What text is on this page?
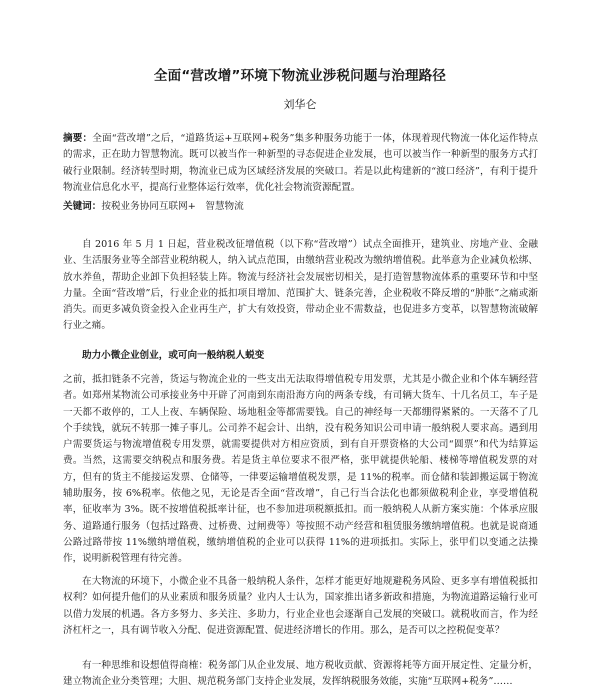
全面“营改增”环境下物流业涉税问题与治理路径
刘华仑

摘要：全面“营改增”之后，“道路货运+互联网+税务”集多种服务功能于一体，体现着现代物流一体化运作特点的需求，正在助力智慧物流。既可以被当作一种新型的寻态促进企业发展，也可以被当作一种新型的服务方式打破行业限制。经济转型时期，物流业已成为区域经济发展的突破口。若是以此构建新的“渡口经济”，有利于提升物流业信息化水平，提高行业整体运行效率，优化社会物流资源配置。

关键词：按税业务协同互联网+　智慧物流

自 2016 年 5 月 1 日起，营业税改征增值税（以下称“营改增”）试点全面推开，建筑业、房地产业、金融业、生活服务业等全部营业税纳税人，纳入试点范围，由缴纳营业税改为缴纳增值税。此举意为企业减负松绑、放水养鱼，帮助企业卸下负担轻装上阵。物流与经济社会发展密切相关，是打造智慧物流体系的重要环节和中坚力量。全面“营改增”后，行业企业的抵扣项目增加、范围扩大、链条完善，企业税收不降反增的“肿胀”之痛或渐消失。而更多减负资金投入企业再生产，扩大有效投资，带动企业不需数益，也促进多方变革，以智慧物流破解行业之痛。

助力小微企业创业，或可向一般纳税人蜕变

之前，抵扣链条不完善，货运与物流企业的一些支出无法取得增值税专用发票，尤其是小微企业和个体车辆经营者。如郑州某物流公司承接业务中开辟了河南到东南沿海方向的两条专线，有司辆大货车、十几名员工，车子是一天都不敢停的，工人上夜、车辆保险、场地租金等都需要钱。自己的神经每一天都绷得紧紧的。一天落不了几个手续钱，就玩不转那一摊子事儿。公司养不起会计、出纳，没有税务知识公司申请一般纳税人要求高。遇到用户需要货运与物流增值税专用发票，就需要提供对方相应资质，到有自开票资格的大公司“圆票”和代为结算运费。当然，这需要交纳税点和服务费。若是货主单位要求不很严格，张甲就提供轮船、楼梯等增值税发票的对方，但有的货主不能接运发票、仓储等，一律要运输增值税发票，是 11%的税率。而仓储和装卸搬运属于物流辅助服务，按 6%税率。依他之见，无论是否全面“营改增”，自己行当合法化也都须做税利企业，享受增值税率，征收率为 3%。既不按增值税抵率计征，也不参加进项税额抵扣。而一般纳税人从新方案实施：个体承应服务、道路通行服务（包括过路费、过桥费、过闸费等）等按照不动产经营和租赁服务缴纳增值税。也就是说商通公路过路带按 11%缴纳增值税，缴纳增值税的企业可以获得 11%的进项抵扣。实际上，张甲们以变通之法操作，说明新税管理有待完善。

在大物流的环境下，小微企业不具备一般纳税人条件，怎样才能更好地规避税务风险、更多享有增值税抵扣权利？如何提升他们的从业素质和服务质量？业内人士认为，国家推出诸多新政和措施，为物流道路运输行业可以借力发展的机遇。各方多努力、多关注、多助力，行业企业也会逐渐自己发展的突破口。就税收而言，作为经济杠杆之一，具有调节收入分配、促进资源配置、促进经济增长的作用。那么，是否可以之控税促变革？

有一种思维和设想值得商榷：税务部门从企业发展、地方税收贡献、资源将耗等方面开展定性、定量分析，建立物流企业分类管理；大胆、规范税务部门支持企业发展，发挥纳税服务效能，实施“互联网+税务”……
